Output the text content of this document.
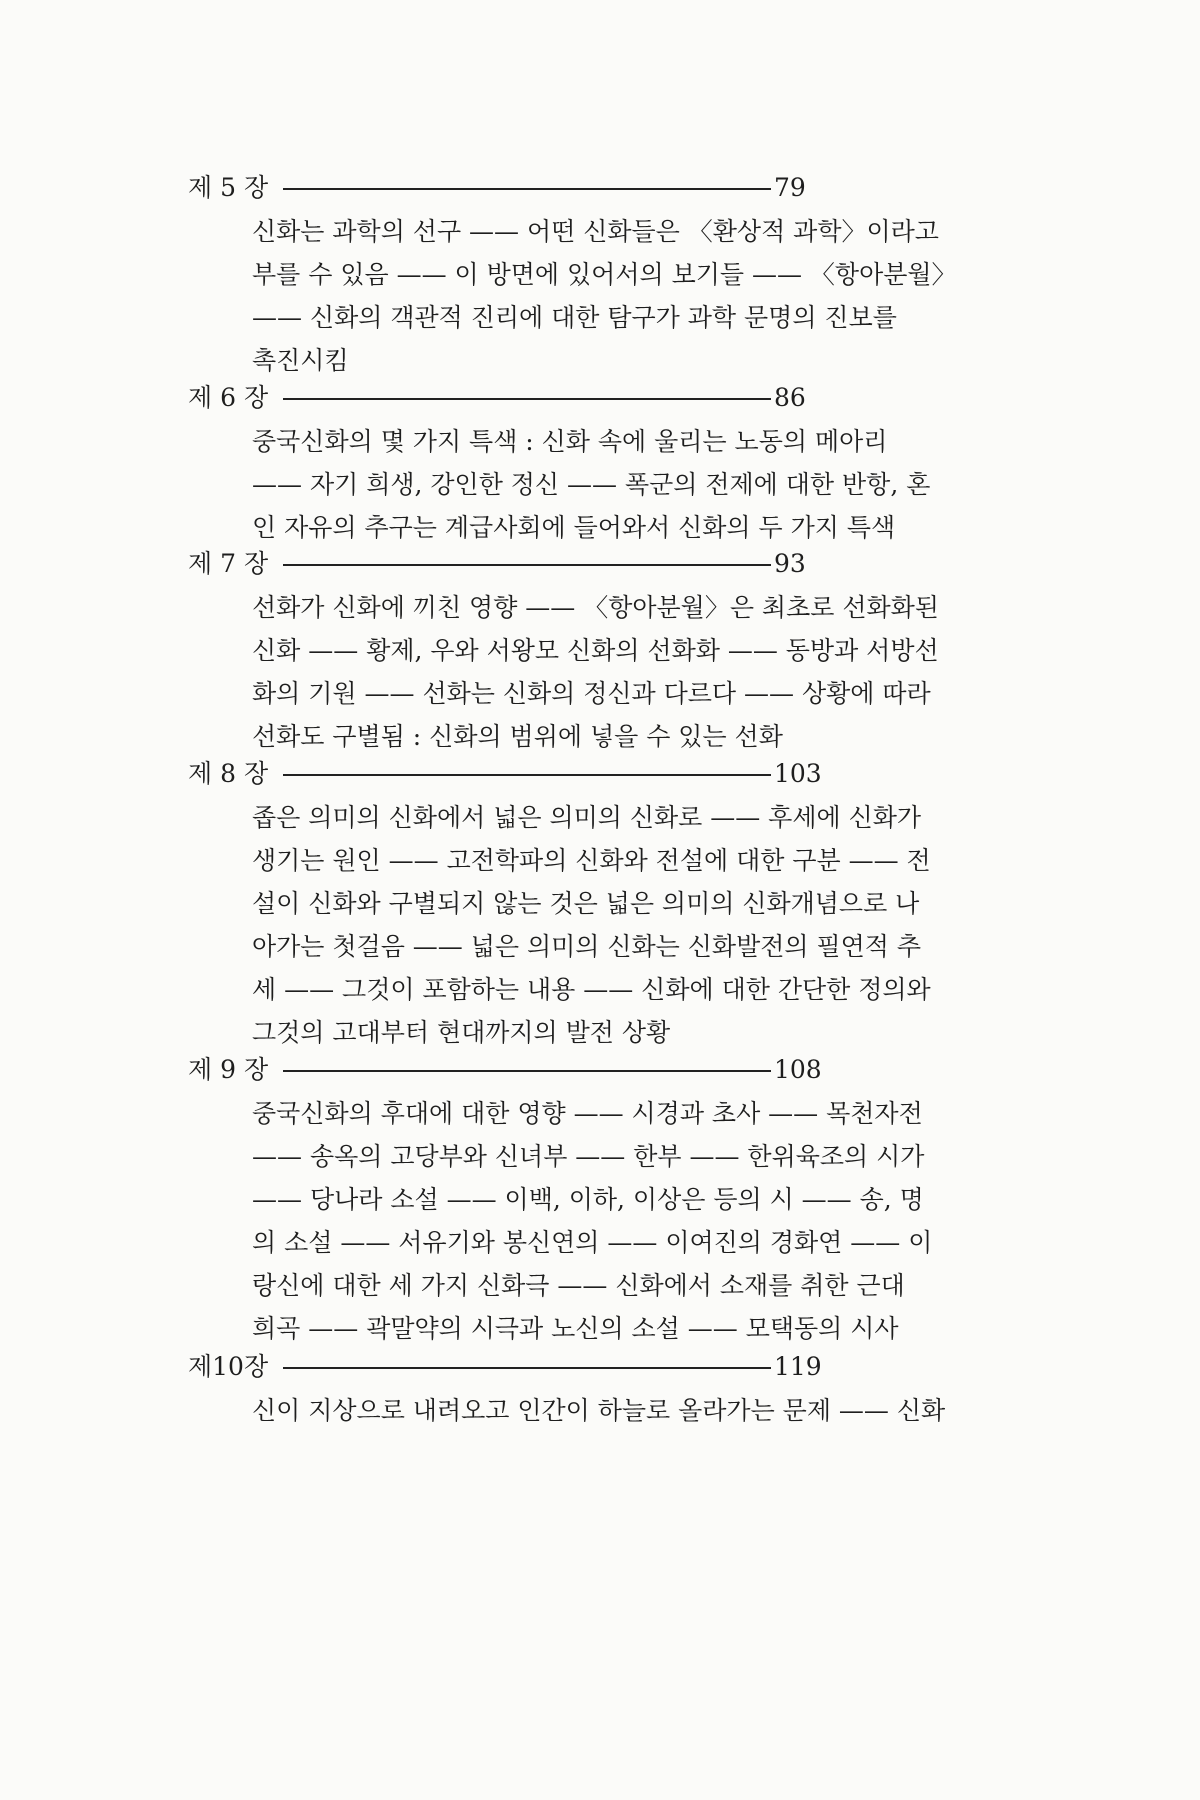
제 5 장	79
신화는 과학의 선구 —— 어떤 신화들은 〈환상적 과학〉이라고
부를 수 있음 —— 이 방면에 있어서의 보기들 —— 〈항아분월〉
—— 신화의 객관적 진리에 대한 탐구가 과학 문명의 진보를
촉진시킴
제 6 장	86
중국신화의 몇 가지 특색 : 신화 속에 울리는 노동의 메아리
—— 자기 희생, 강인한 정신 —— 폭군의 전제에 대한 반항, 혼
인 자유의 추구는 계급사회에 들어와서 신화의 두 가지 특색
제 7 장	93
선화가 신화에 끼친 영향 —— 〈항아분월〉은 최초로 선화화된
신화 —— 황제, 우와 서왕모 신화의 선화화 —— 동방과 서방선
화의 기원 —— 선화는 신화의 정신과 다르다 —— 상황에 따라
선화도 구별됨 : 신화의 범위에 넣을 수 있는 선화
제 8 장	103
좁은 의미의 신화에서 넓은 의미의 신화로 —— 후세에 신화가
생기는 원인 —— 고전학파의 신화와 전설에 대한 구분 —— 전
설이 신화와 구별되지 않는 것은 넓은 의미의 신화개념으로 나
아가는 첫걸음 —— 넓은 의미의 신화는 신화발전의 필연적 추
세 —— 그것이 포함하는 내용 —— 신화에 대한 간단한 정의와
그것의 고대부터 현대까지의 발전 상황
제 9 장	108
중국신화의 후대에 대한 영향 —— 시경과 초사 —— 목천자전
—— 송옥의 고당부와 신녀부 —— 한부 —— 한위육조의 시가
—— 당나라 소설 —— 이백, 이하, 이상은 등의 시 —— 송, 명
의 소설 —— 서유기와 봉신연의 —— 이여진의 경화연 —— 이
랑신에 대한 세 가지 신화극 —— 신화에서 소재를 취한 근대
희곡 —— 곽말약의 시극과 노신의 소설 —— 모택동의 시사
제10장	119
신이 지상으로 내려오고 인간이 하늘로 올라가는 문제 —— 신화
